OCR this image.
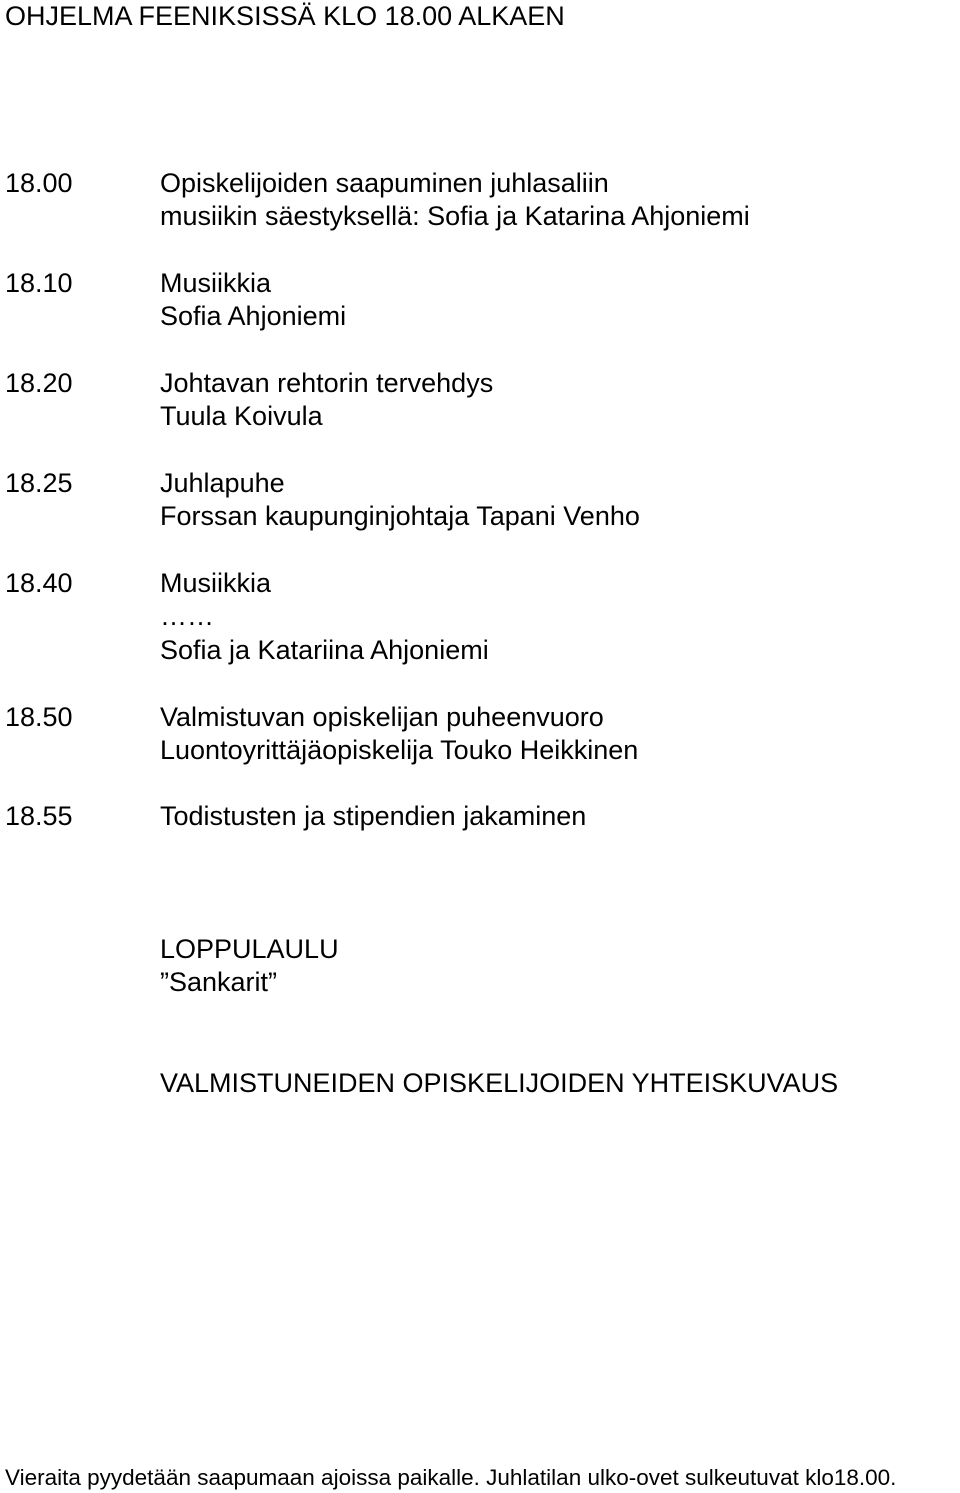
OHJELMA FEENIKSISSÄ KLO 18.00 ALKAEN
18.00	Opiskelijoiden saapuminen juhlasaliin
musiikin säestyksellä: Sofia ja Katarina Ahjoniemi
18.10	Musiikkia
Sofia Ahjoniemi
18.20	Johtavan rehtorin tervehdys
Tuula Koivula
18.25	Juhlapuhe
Forssan kaupunginjohtaja Tapani Venho
18.40	Musiikkia
……
Sofia ja Katariina Ahjoniemi
18.50	Valmistuvan opiskelijan puheenvuoro
Luontoyrittäjäopiskelija Touko Heikkinen
18.55	Todistusten ja stipendien jakaminen
LOPPULAULU
”Sankarit”
VALMISTUNEIDEN OPISKELIJOIDEN YHTEISKUVAUS
Vieraita pyydetään saapumaan ajoissa paikalle. Juhlatilan ulko-ovet sulkeutuvat klo18.00.
